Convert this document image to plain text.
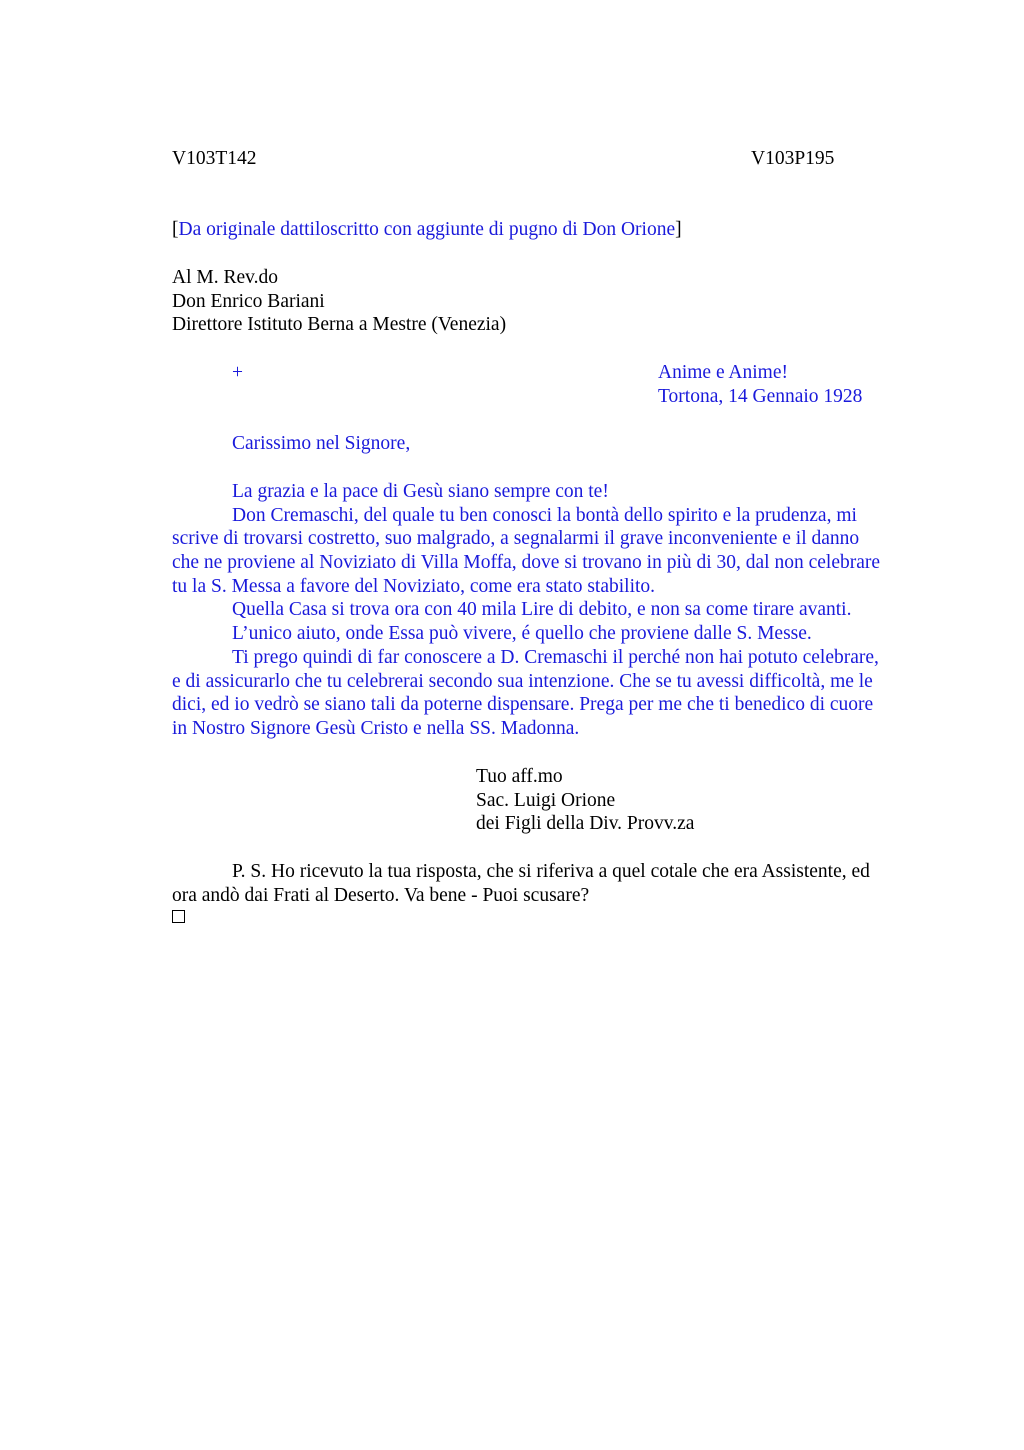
V103T142	V103P195
[Da originale dattiloscritto con aggiunte di pugno di Don Orione]
Al M. Rev.do
Don Enrico Bariani
Direttore Istituto Berna a Mestre (Venezia)
+	Anime e Anime!
Tortona, 14 Gennaio 1928
Carissimo nel Signore,
La grazia e la pace di Gesù siano sempre con te!
Don Cremaschi, del quale tu ben conosci la bontà dello spirito e la prudenza, mi
scrive di trovarsi costretto, suo malgrado, a segnalarmi il grave inconveniente e il danno
che ne proviene al Noviziato di Villa Moffa, dove si trovano in più di 30, dal non celebrare
tu la S. Messa a favore del Noviziato, come era stato stabilito.
Quella Casa si trova ora con 40 mila Lire di debito, e non sa come tirare avanti.
L’unico aiuto, onde Essa può vivere, é quello che proviene dalle S. Messe.
Ti prego quindi di far conoscere a D. Cremaschi il perché non hai potuto celebrare,
e di assicurarlo che tu celebrerai secondo sua intenzione. Che se tu avessi difficoltà, me le
dici, ed io vedrò se siano tali da poterne dispensare. Prega per me che ti benedico di cuore
in Nostro Signore Gesù Cristo e nella SS. Madonna.
Tuo aff.mo
Sac. Luigi Orione
dei Figli della Div. Provv.za
P. S. Ho ricevuto la tua risposta, che si riferiva a quel cotale che era Assistente, ed
ora andò dai Frati al Deserto. Va bene - Puoi scusare?
